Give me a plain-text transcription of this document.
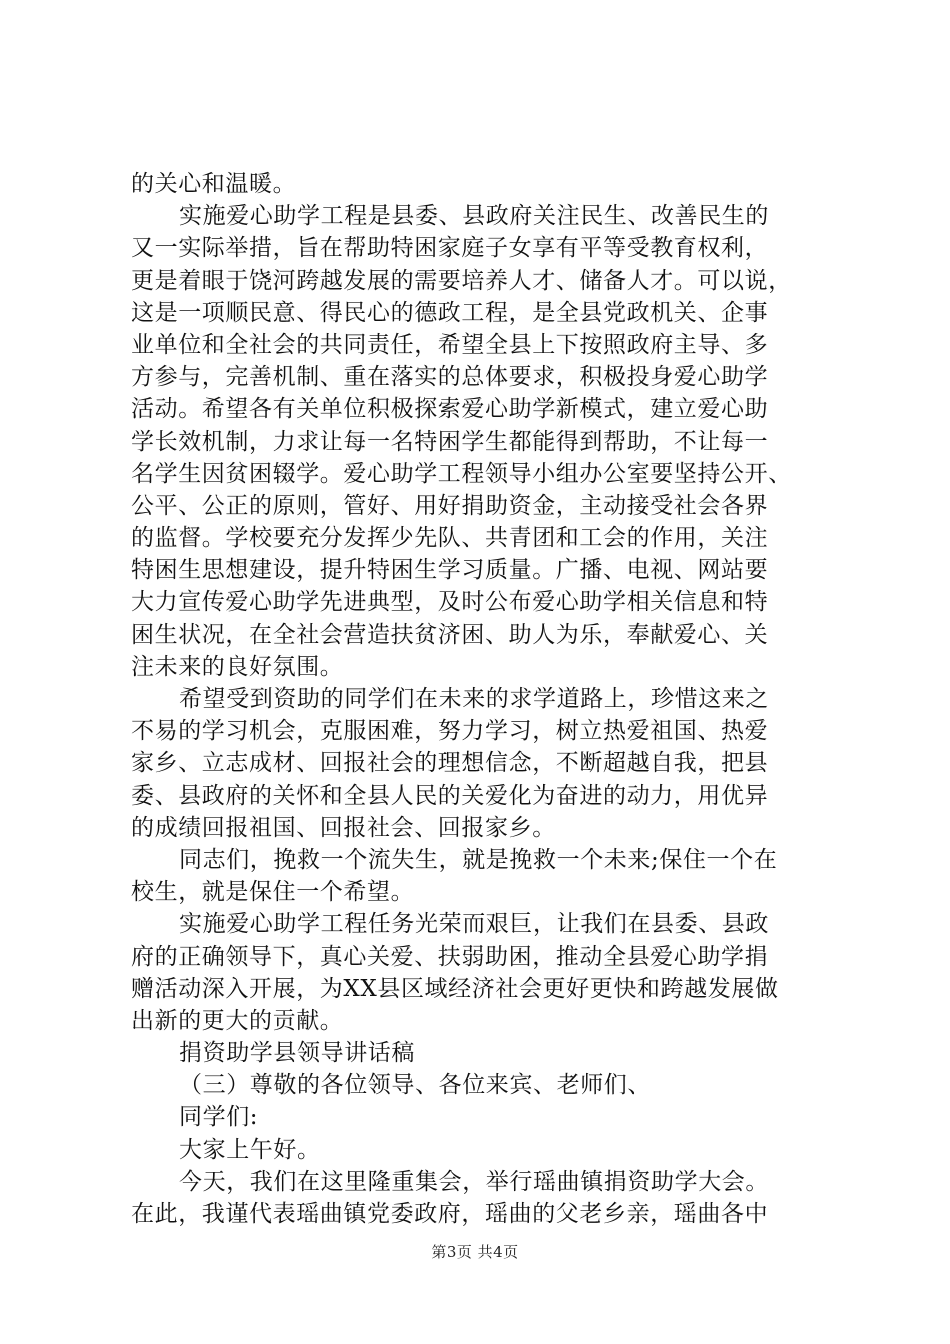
的关心和温暖。
实施爱心助学工程是县委、县政府关注民生、改善民生的
又一实际举措，旨在帮助特困家庭子女享有平等受教育权利，
更是着眼于饶河跨越发展的需要培养人才、储备人才。可以说，
这是一项顺民意、得民心的德政工程，是全县党政机关、企事
业单位和全社会的共同责任，希望全县上下按照政府主导、多
方参与，完善机制、重在落实的总体要求，积极投身爱心助学
活动。希望各有关单位积极探索爱心助学新模式，建立爱心助
学长效机制，力求让每一名特困学生都能得到帮助，不让每一
名学生因贫困辍学。爱心助学工程领导小组办公室要坚持公开、
公平、公正的原则，管好、用好捐助资金，主动接受社会各界
的监督。学校要充分发挥少先队、共青团和工会的作用，关注
特困生思想建设，提升特困生学习质量。广播、电视、网站要
大力宣传爱心助学先进典型，及时公布爱心助学相关信息和特
困生状况，在全社会营造扶贫济困、助人为乐，奉献爱心、关
注未来的良好氛围。
希望受到资助的同学们在未来的求学道路上，珍惜这来之
不易的学习机会，克服困难，努力学习，树立热爱祖国、热爱
家乡、立志成材、回报社会的理想信念，不断超越自我，把县
委、县政府的关怀和全县人民的关爱化为奋进的动力，用优异
的成绩回报祖国、回报社会、回报家乡。
同志们，挽救一个流失生，就是挽救一个未来;保住一个在
校生，就是保住一个希望。
实施爱心助学工程任务光荣而艰巨，让我们在县委、县政
府的正确领导下，真心关爱、扶弱助困，推动全县爱心助学捐
赠活动深入开展，为XX县区域经济社会更好更快和跨越发展做
出新的更大的贡献。
捐资助学县领导讲话稿
（三）尊敬的各位领导、各位来宾、老师们、
同学们:
大家上午好。
今天，我们在这里隆重集会，举行瑶曲镇捐资助学大会。
在此，我谨代表瑶曲镇党委政府，瑶曲的父老乡亲，瑶曲各中
第3页 共4页
